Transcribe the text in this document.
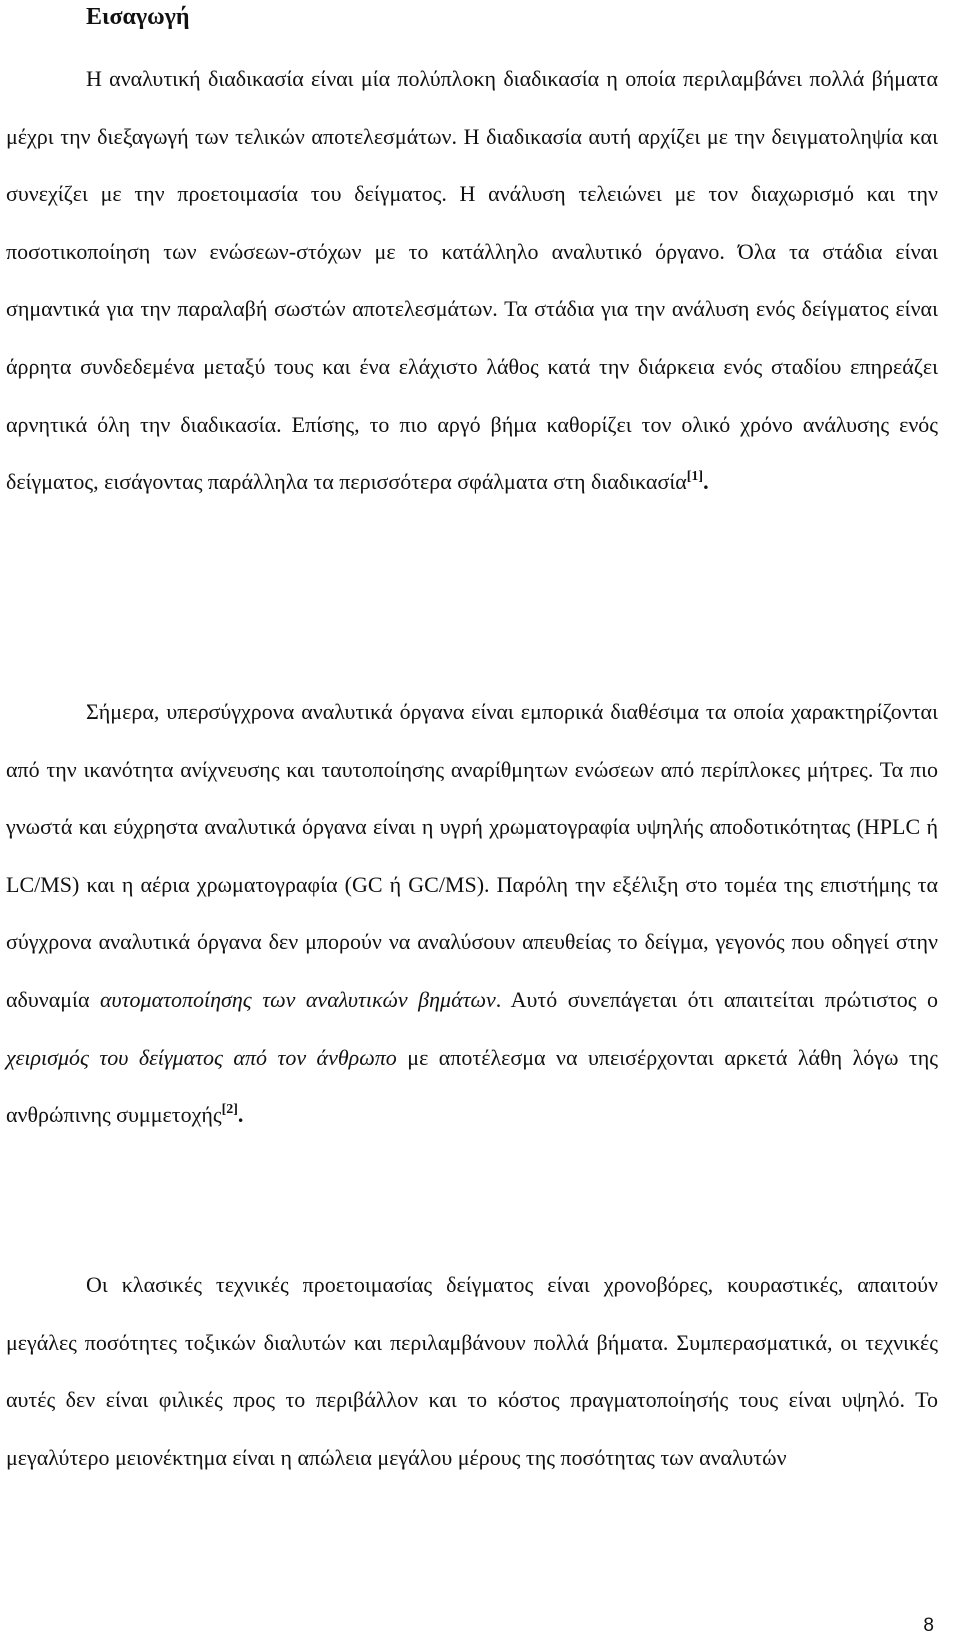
Εισαγωγή

Η αναλυτική διαδικασία είναι μία πολύπλοκη διαδικασία η οποία περιλαμβάνει πολλά βήματα μέχρι την διεξαγωγή των τελικών αποτελεσμάτων. Η διαδικασία αυτή αρχίζει με την δειγματοληψία και συνεχίζει με την προετοιμασία του δείγματος. Η ανάλυση τελειώνει με τον διαχωρισμό και την ποσοτικοποίηση των ενώσεων-στόχων με το κατάλληλο αναλυτικό όργανο. Όλα τα στάδια είναι σημαντικά για την παραλαβή σωστών αποτελεσμάτων. Τα στάδια για την ανάλυση ενός δείγματος είναι άρρητα συνδεδεμένα μεταξύ τους και ένα ελάχιστο λάθος κατά την διάρκεια ενός σταδίου επηρεάζει αρνητικά όλη την διαδικασία. Επίσης, το πιο αργό βήμα καθορίζει τον ολικό χρόνο ανάλυσης ενός δείγματος, εισάγοντας παράλληλα τα περισσότερα σφάλματα στη διαδικασία[1].

Σήμερα, υπερσύγχρονα αναλυτικά όργανα είναι εμπορικά διαθέσιμα τα οποία χαρακτηρίζονται από την ικανότητα ανίχνευσης και ταυτοποίησης αναρίθμητων ενώσεων από περίπλοκες μήτρες. Τα πιο γνωστά και εύχρηστα αναλυτικά όργανα είναι η υγρή χρωματογραφία υψηλής αποδοτικότητας (HPLC ή LC/MS) και η αέρια χρωματογραφία (GC ή GC/MS). Παρόλη την εξέλιξη στο τομέα της επιστήμης τα σύγχρονα αναλυτικά όργανα δεν μπορούν να αναλύσουν απευθείας το δείγμα, γεγονός που οδηγεί στην αδυναμία αυτοματοποίησης των αναλυτικών βημάτων. Αυτό συνεπάγεται ότι απαιτείται πρώτιστος ο χειρισμός του δείγματος από τον άνθρωπο με αποτέλεσμα να υπεισέρχονται αρκετά λάθη λόγω της ανθρώπινης συμμετοχής[2].

Οι κλασικές τεχνικές προετοιμασίας δείγματος είναι χρονοβόρες, κουραστικές, απαιτούν μεγάλες ποσότητες τοξικών διαλυτών και περιλαμβάνουν πολλά βήματα. Συμπερασματικά, οι τεχνικές αυτές δεν είναι φιλικές προς το περιβάλλον και το κόστος πραγματοποίησής τους είναι υψηλό. Το μεγαλύτερο μειονέκτημα είναι η απώλεια μεγάλου μέρους της ποσότητας των αναλυτών

8
